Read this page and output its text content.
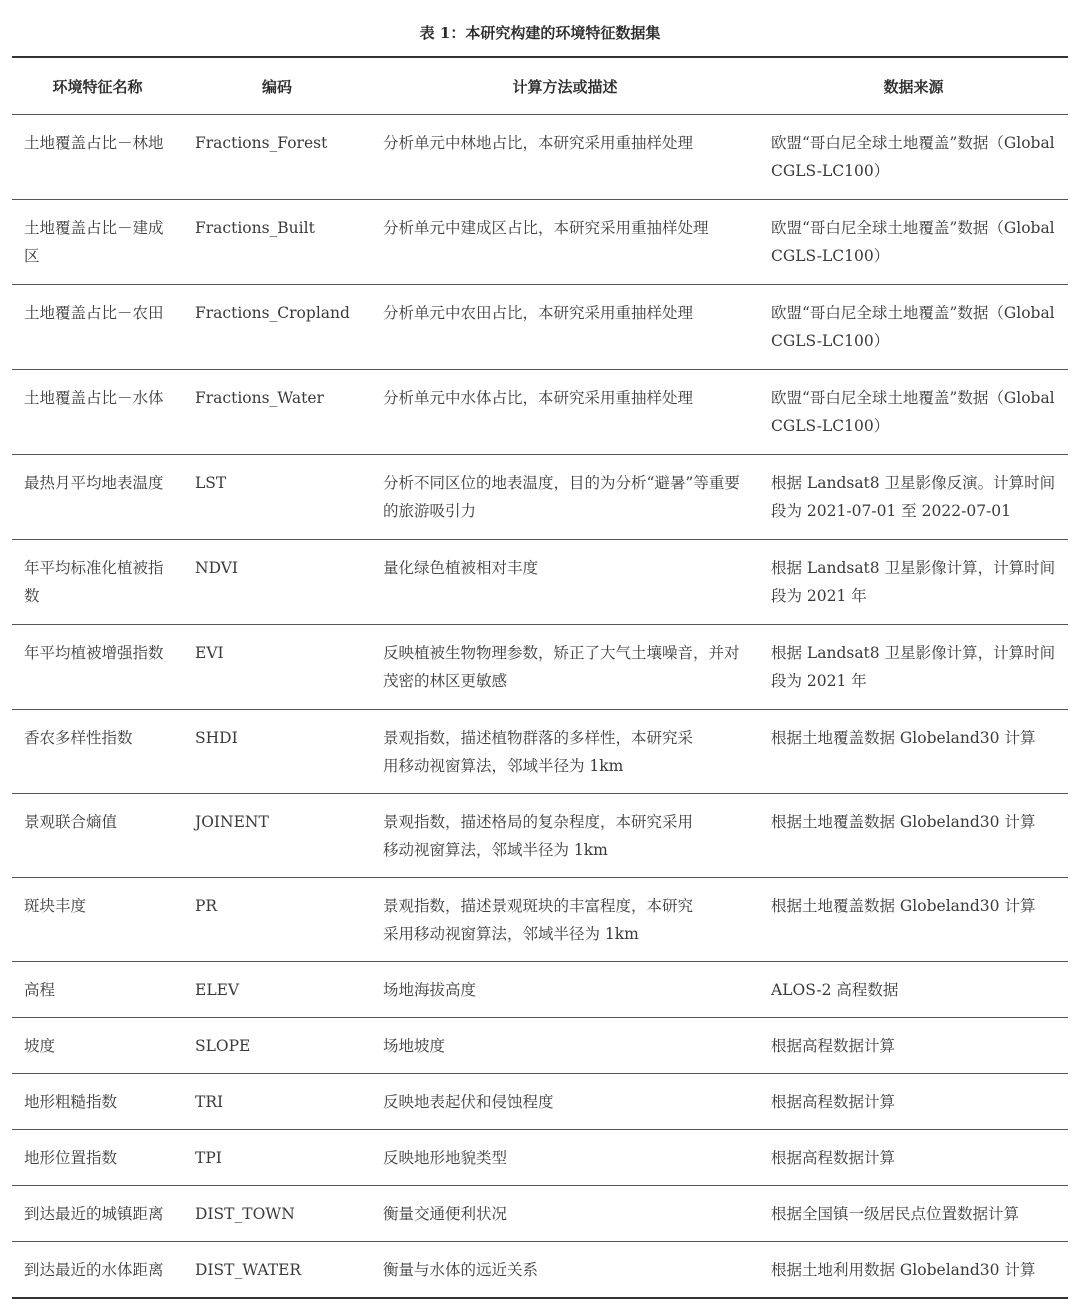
表 1：本研究构建的环境特征数据集
环境特征名称	编码	计算方法或描述	数据来源
土地覆盖占比－林地	Fractions_Forest	分析单元中林地占比，本研究采用重抽样处理	欧盟“哥白尼全球土地覆盖”数据（Global CGLS-LC100）
土地覆盖占比－建成区	Fractions_Built	分析单元中建成区占比，本研究采用重抽样处理	欧盟“哥白尼全球土地覆盖”数据（Global CGLS-LC100）
土地覆盖占比－农田	Fractions_Cropland	分析单元中农田占比，本研究采用重抽样处理	欧盟“哥白尼全球土地覆盖”数据（Global CGLS-LC100）
土地覆盖占比－水体	Fractions_Water	分析单元中水体占比，本研究采用重抽样处理	欧盟“哥白尼全球土地覆盖”数据（Global CGLS-LC100）
最热月平均地表温度	LST	分析不同区位的地表温度，目的为分析“避暑”等重要的旅游吸引力	根据 Landsat8 卫星影像反演。计算时间段为 2021-07-01 至 2022-07-01
年平均标准化植被指数	NDVI	量化绿色植被相对丰度	根据 Landsat8 卫星影像计算，计算时间段为 2021 年
年平均植被增强指数	EVI	反映植被生物物理参数，矫正了大气土壤噪音，并对茂密的林区更敏感	根据 Landsat8 卫星影像计算，计算时间段为 2021 年
香农多样性指数	SHDI	景观指数，描述植物群落的多样性，本研究采用移动视窗算法，邻域半径为 1km	根据土地覆盖数据 Globeland30 计算
景观联合熵值	JOINENT	景观指数，描述格局的复杂程度，本研究采用移动视窗算法，邻域半径为 1km	根据土地覆盖数据 Globeland30 计算
斑块丰度	PR	景观指数，描述景观斑块的丰富程度，本研究采用移动视窗算法，邻域半径为 1km	根据土地覆盖数据 Globeland30 计算
高程	ELEV	场地海拔高度	ALOS-2 高程数据
坡度	SLOPE	场地坡度	根据高程数据计算
地形粗糙指数	TRI	反映地表起伏和侵蚀程度	根据高程数据计算
地形位置指数	TPI	反映地形地貌类型	根据高程数据计算
到达最近的城镇距离	DIST_TOWN	衡量交通便利状况	根据全国镇一级居民点位置数据计算
到达最近的水体距离	DIST_WATER	衡量与水体的远近关系	根据土地利用数据 Globeland30 计算
